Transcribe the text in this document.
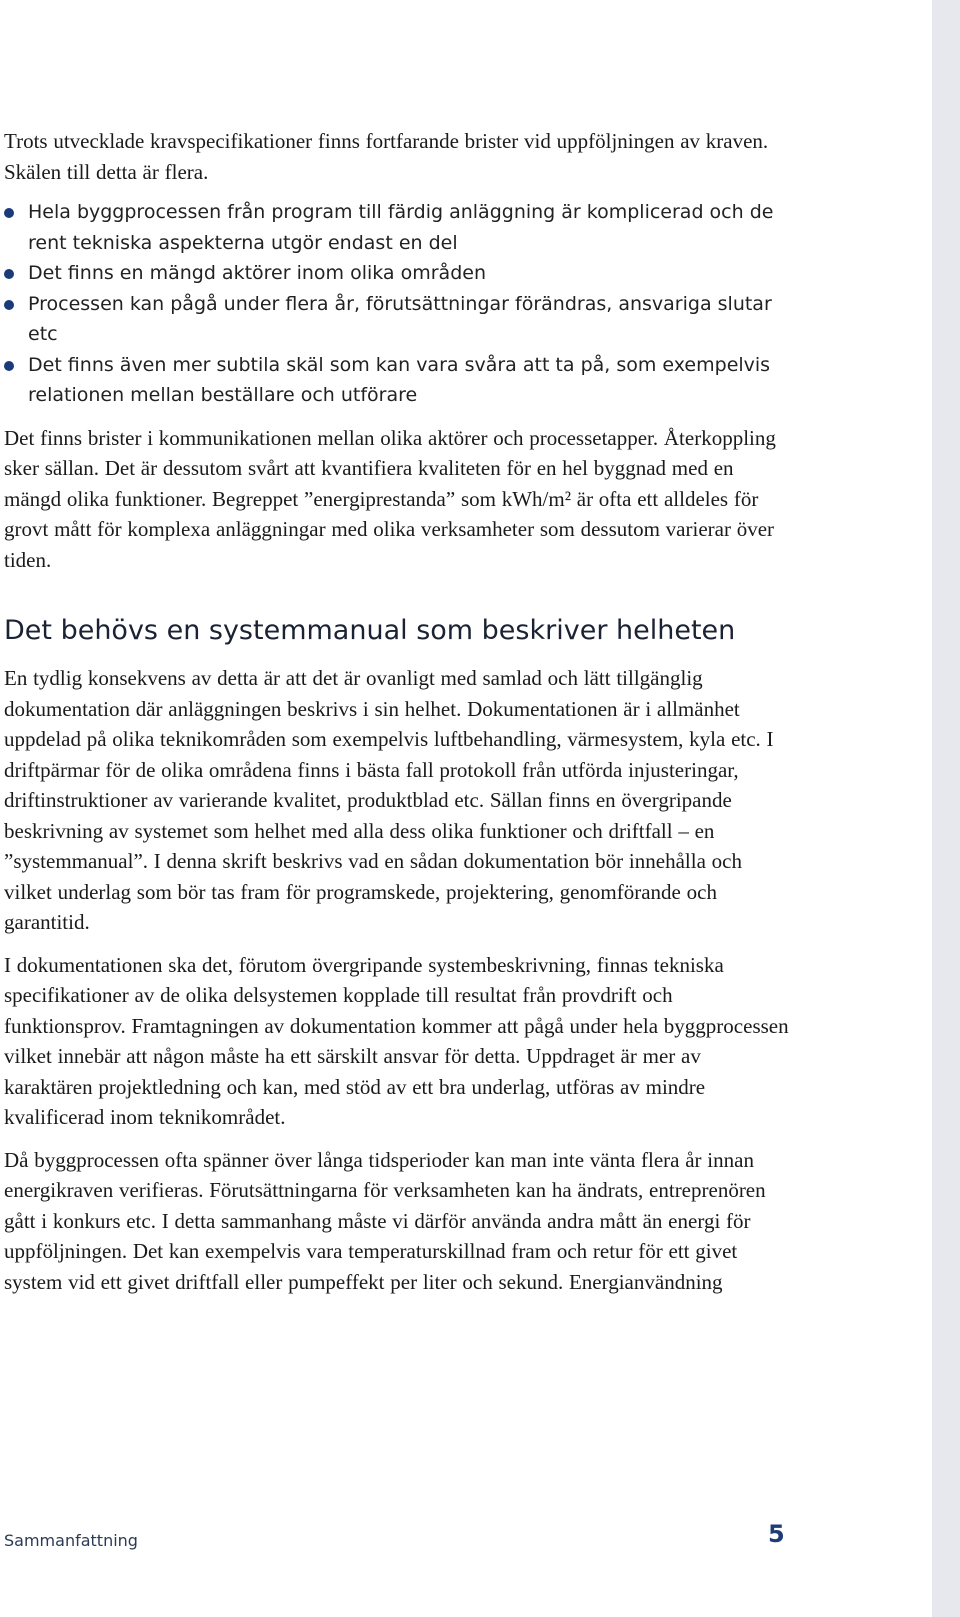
Trots utvecklade kravspecifikationer finns fortfarande brister vid uppföljningen av kraven. Skälen till detta är flera.

Hela byggprocessen från program till färdig anläggning är komplicerad och de rent tekniska aspekterna utgör endast en del
Det finns en mängd aktörer inom olika områden
Processen kan pågå under flera år, förutsättningar förändras, ansvariga slutar etc
Det finns även mer subtila skäl som kan vara svåra att ta på, som exempelvis relationen mellan beställare och utförare

Det finns brister i kommunikationen mellan olika aktörer och processetapper. Återkoppling sker sällan. Det är dessutom svårt att kvantifiera kvaliteten för en hel byggnad med en mängd olika funktioner. Begreppet ”energiprestanda” som kWh/m² är ofta ett alldeles för grovt mått för komplexa anläggningar med olika verksamheter som dessutom varierar över tiden.

Det behövs en systemmanual som beskriver helheten

En tydlig konsekvens av detta är att det är ovanligt med samlad och lätt tillgänglig dokumentation där anläggningen beskrivs i sin helhet. Dokumentationen är i allmänhet uppdelad på olika teknikområden som exempelvis luftbehandling, värmesystem, kyla etc. I driftpärmar för de olika områdena finns i bästa fall protokoll från utförda injusteringar, driftinstruktioner av varierande kvalitet, produktblad etc. Sällan finns en övergripande beskrivning av systemet som helhet med alla dess olika funktioner och driftfall – en ”systemmanual”. I denna skrift beskrivs vad en sådan dokumentation bör innehålla och vilket underlag som bör tas fram för programskede, projektering, genomförande och garantitid.

I dokumentationen ska det, förutom övergripande systembeskrivning, finnas tekniska specifikationer av de olika delsystemen kopplade till resultat från provdrift och funktionsprov. Framtagningen av dokumentation kommer att pågå under hela byggprocessen vilket innebär att någon måste ha ett särskilt ansvar för detta. Uppdraget är mer av karaktären projektledning och kan, med stöd av ett bra underlag, utföras av mindre kvalificerad inom teknikområdet.

Då byggprocessen ofta spänner över långa tidsperioder kan man inte vänta flera år innan energikraven verifieras. Förutsättningarna för verksamheten kan ha ändrats, entreprenören gått i konkurs etc. I detta sammanhang måste vi därför använda andra mått än energi för uppföljningen. Det kan exempelvis vara temperaturskillnad fram och retur för ett givet system vid ett givet driftfall eller pumpeffekt per liter och sekund. Energianvändning

Sammanfattning	5
